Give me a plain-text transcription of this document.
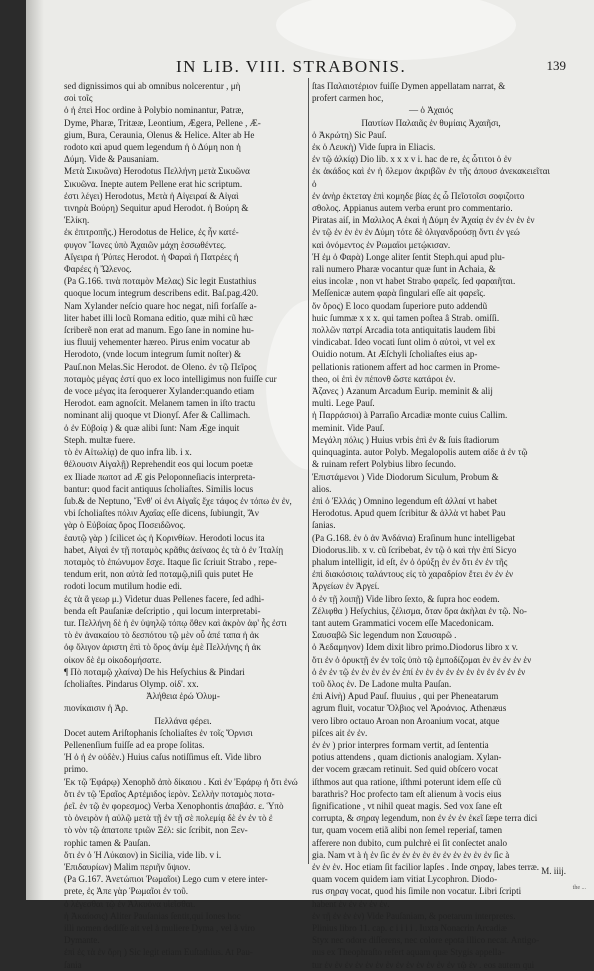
IN LIB. VIII. STRABONIS.	139

sed dignissimos qui ab omnibus nolcerentur , μὴ

σοὶ τοῖς

ὁ ἡ ἐπεὶ Hoc ordine à Polybio nominantur, Patræ,

Dyme, Pharæ, Tritææ, Leontium, Ægera, Pellene , Æ-

gium, Bura, Ceraunia, Olenus & Helice. Alter ab He

rodoto καὶ apud quem legendum ἡ ὁ Δύμη non ἡ

Δύμη. Vide & Pausaniam.

Μετὰ Σικυῶνα) Herodotus Πελλήνη μετὰ Σικυῶνα

Σικυῶνα. Inepte autem Pellene erat hic scriptum.

ἐστι λέγει) Herodotus, Μετὰ ἡ Αἰγειραί & Αἰγαὶ

τινηρὰ Βούρη) Sequitur apud Herodot. ἡ Βούρη &

Ἑλίκη.

ἐκ ἐπιτροπῆς.) Herodotus de Helice, ἐς ἧν κατέ-

φυγον Ἴωνες ὑπὸ Ἀχαιῶν μάχη ἑσσωθέντες.

Αἴγειρα ἡ Ῥύπες Herodot. ἡ Φαραὶ ἡ Πατρέες ἡ

Φαρέες ἡ Ὤλενος.

(Pa G.166. τινὰ ποταμὸν Μελας) Sic legit Eustathius

quoque locum integrum describens edit. Baſ.pag.420.

Nam Xylander neſcio quare hoc negat, niſi forſaſſe a-

liter habet illi locũ Romana editio, quæ mihi cũ hæc

ſcriberẽ non erat ad manum. Ego ſane in nomine hu-

ius fluuij vehementer hæreo. Pirus enim vocatur ab

Herodoto, (vnde locum integrum ſumit noſter) &

Pauſ.non Melas.Sic Herodot. de Oleno. ἐν τῷ Πεῖρος

ποταμὸς μέγας ἐστί quo ex loco intelligimus non fuiſſe cur

de voce μέγας ita ſeroquerer Xylander:quando etiam

Herodot. eam agnoſcit. Melanem tamen in iſto tractu

nominant alij quoque vt Dionyſ. Afer & Callimach.

ὁ ἐν Εὐβοίᾳ ) & quæ alibi ſunt: Nam Æge inquit

Steph. multæ fuere.

τὸ ἐν Αἰτωλίᾳ) de quo infra lib. i x.

θέλουσιν Αἰγαλῇ) Reprehendit eos qui locum poetæ

ex Iliade πωποτ ad Æ gis Peloponneſiacis interpreta-

bantur: quod facit antiquus ſcholiaſtes. Similis locus

ſub.& de Neptuno, Ἔνθ' οἱ ἐνι Αἰγαῖς ἔχε τάφος ἐν τόπω ἐν ἐν,

vbi ſcholiaſtes πόλιν Αχαΐας eſſe dicens, ſubiungit, Ἄν

γὰρ ὁ Εὐβοίας ὄρος Ποσειδῶνος.

ἑαυτῷ γὰρ ) ſcilicet ὡς ἡ Κορινθίων. Herodoti locus ita

habet, Αἰγαὶ ἐν τῇ ποταμὸς κρᾶθις ἀείναος ἐς τὰ ὁ ἐν Ἰταλίῃ

ποταμὸς τὸ ἐπώνυμον ἔσχε. Itaque ſic ſcriuit Strabo , repe-

tendum erit, non αὐτὰ ſed ποταμῷ,niſi quis putet He

rodoti locum mutilum hodie edi.

ἐς τὰ ἃ γεωρ μ.) Videtur duas Pellenes facere, ſed adhi-

benda eſt Pauſaniæ deſcriptio , qui locum interpretabi-

tur. Πελλήνη δὲ ἡ ἐν ὑψηλῷ τόπῳ ὅθεν καὶ ἀκρὸν ἀφ' ἧς ἐστι

τὸ ἐν ἀνακαίου τὸ δεσπότου τῷ μὲν οὗ ἀπέ ταπα ἡ ἀκ

ὁφ ὄλιγον ἀριστη ἐπὶ τὸ ὄρος ἀνίμ ἐμὲ Πελλήνης ἡ ἀκ

οἰκον δὲ ἐμ οἰκοδομήσατε.

¶ Πὸ ποταμῷ χλαίνα) De his Heſychius & Pindari

ſcholiaſtes. Pindarus Olymp. οἰδ'. xx.

Ἀλήθεια ἐρώ Ὀλυμ-

πιονίκαισιν ἡ Ἀρ.

Πελλάνα φέρει.

Docet autem Ariſtophanis ſcholiaſtes ἐν τοῖς Ὄρνισι

Pellenenſium fuiſſe ad ea prope ſolitas.

Ἡ ὁ ἡ ἐν οὐδὲν.) Huius caſus notiſſimus eſt. Vide libro

primo.

Ἐκ τῷ Ἐφάρῳ) Xenophõ ἀπὸ δίκαιου . Καὶ ἐν Ἐφάρῳ ἡ ὅτι ἐνώ

ὅτι ἐν τῷ Ἐραῖος Αρτέμιδος ἱερὸν. Σελλὴν ποταμὸς ποτα-

ῥεῖ. ἐν τῷ ἐν φορεσμος) Verba Xenophontis ἀπαβάσ. ε. Ὑπὸ

τὸ ὀνειρὸν ἡ αὐλῷ μετὰ τῇ ἐν τῇ σὲ πολεμίᾳ δὲ ἐν ἐν τὸ ἐ

τὸ νὸν τῷ ἀπατοπε τριῶν Ξέλ: sic ſcribit, non Ξεν-

rophic tamen & Pauſan.

ὅτι ἐν ὁ Ἡ Λύκαιον) in Sicilia, vide lib. v i.

Ἐπιδαυρίων) Malim περιῆν ὕψιον.

(Pa G.167. Ἀνετώπιοι Ῥωμαῖοι) Lego cum v etere inter-

prete, ἐς Ἀπε γὰρ Ῥωμαῖοι ἐν τοῦ.

ὁ λέγεσθαι τῷ ἐν Ἀλκυόνα υἱεῖσθαι.

ἡ Ἀκαίοσις) Aliter Pauſanias ſentit,qui Iones hoc

illi nomen dediſſe ait vel à muliere Dyma , vel à viro

Dymante.

ἐπὶ ἐς τὰ ἐν ὅρη ) Sic legit etiam Euſtathius. At Pau-

ſania

ſtas Παλαιοτέριον fuiſſe Dymen appellatam narrat, &

profert carmen hoc,

— ὁ Ἀχαιός

Παυτίων Παλαιᾶς ἐν θυμίαις Ἀχαιῆσι,

ὁ Ἀκρώτη) Sic Pauſ.

ἐκ ὁ Λευκὴ) Vide ſupra in Eliacis.

ἐν τῷ ἀλκίᾳ) Dio lib. x x x v i. hac de re, ἐς ὧτιτοι ὁ ἐν

ἐκ ἀκάδος καὶ ἐν ἡ ὄλεμον ἀκριβῶν ἐν τῆς ἀπουσ ἀνεκακειεῖται ὁ

ἐν ἀνὴρ ἐκτεταγ ἐπὶ κομηδε βίας ἐς ὧ Πεῖοτοῖσι σοφιζοιτο

σθολος. Appianus autem verba erunt pro commentario.

Piratas aiſ, in Μαλιλος Α ἐκαὶ ἡ Δύμη ἐν Ἀχαίᾳ ἐν ἐν ἐν ἐν ἐν

ἐν τῷ ἐν ἐν ἐν ἐν Δύμη τότε δὲ ὀλιγανδρούσῃ ὄντι ἐν γεώ

καὶ ὀνόμεντος ἐν Ρωμαϊοι μετῴκισαν.

Ἡ ἐμ ὁ Φαρὰ) Longe aliter ſentit Steph.qui apud plu-

rali numero Pharæ vocantur quæ ſunt in Achaia, &

eius incolæ , non vt habet Strabo φαρεῖς. ſed φαραιῆται.

Meſſenicæ autem φαρὰ ſingulari eſſe ait φαρεῖς.

ὄν ὄρος) E loco quodam ſuperiore puto addendũ

huic ſummæ x x x. qui tamen poſtea â Strab. omiſſi.

πολλῶν πατρί Arcadia tota antiquitatis laudem ſibi

vindicabat. Ideo vocati ſunt olim ὁ αὐτοὶ, vt vel ex

Ouidio notum. At Æſchyli ſcholiaſtes eius ap-

pellationis rationem affert ad hoc carmen in Prome-

theo, οἱ ἐπὶ ἐν πέπονθ ὥστε κατάροι ἐν.

Ἀζανες ) Azanum Arcadum Eurip. meminit & alij

multi. Lege Pauſ.

ἡ Παρράσιοι) à Parraſio Arcadiæ monte cuius Callim.

meminit. Vide Pauſ.

Μεγάλη πόλις ) Huius vrbis ἐπὶ ἐν & ſuis ſtadiorum

quinquaginta. autor Polyb. Megalopolis autem αἰδε ἀ ἐν τῷ

& ruinam refert Polybius libro ſecundo.

Ἐπιστάμενοι ) Vide Diodorum Siculum, Probum &

alios.

ἐπὶ ὁ Ἐλλάς ) Omnino legendum eſt ἀλλαί vt habet

Herodotus. Apud quem ſcribitur & ἀλλὰ vt habet Pau

ſanias.

(Pa G.168. ἐν ὁ ἀν Ἀνδάνια) Eraſinum hunc intelligebat

Diodorus.lib. x v. cũ ſcribebat, ἐν τῷ ὁ καὶ τὴν ἐπί Sicyo

phalum intelligit, id eſt, ἐν ὁ ὀρύξῃ ἐν ἐν ὅτι ἐν ἐν τῆς

ἐπὶ διακόσιοις ταλάντους εἰς τὸ χαραδρίον ἔτει ἐν ἐν ἐν

Ἀργείων ἐν Ἀργεί.

ὁ ἐν τῇ λοιπῇ) Vide libro ſexto, & ſupra hoc eodem.

Ζέλιφθα ) Heſychius, ζέλισμα, ὅταν ὄρα ἀκὴλαι ἐν τῷ. No-

tant autem Grammatici vocem eſſe Macedonicam.

Σαυσαβῶ Sic legendum non Σαυσαρῶ .

ὁ Ἀεδαμηνον) Idem dixit libro primo.Diodorus libro x v.

ὅτι ἐν ὁ ὀρυκτῇ ἐν ἐν τοῖς ὑπὸ τῷ ἐμποδίζομαι ἐν ἐν ἐν ἐν ἐν

ὁ ἐν ἐν τῷ ἐν ἐν ἐν ἐν ἐν ἐπί ἐν ἐν ἐν ἐν ἐν ἐν ἐν ἐν ἐν ἐν ἐν

τοῦ ὄλος ἐν. De Ladone multa Pauſan.

ἐπὶ Αἰνὴ) Apud Pauſ. fluuius , qui per Pheneatarum

agrum fluit, vocatur Ὄλβιος vel Ἀροάνιος. Athenæus

vero libro octauo Aroan non Aroanium vocat, atque

piſces ait ἐν ἐν.

ἐν ἐν ) prior interpres formam vertit, ad ſententia

potius attendens , quam dictionis analogiam. Xylan-

der vocem græcam retinuit. Sed quid obſcero vocat

iſthmos aut qua ratione, iſthmi poterunt idem eſſe cũ

barathris? Hoc profecto tam eſt alienum à vocis eius

ſignificatione , vt nihil queat magis. Sed vox ſane eſt

corrupta, & σηραγ legendum, non ἐν ἐν ἐν ἐκεῖ ſæpe terra dici

tur, quam vocem etiã alibi non ſemel reperiaſ, tamen

afferere non dubito, cum pulchrè ei ſit conſectet analo

gia. Nam vt à ἡ ἐν ſic ἐν ἐν ἐν ἐν ἐν ἐν ἐν ἐν ἐν ἐν ſic à

ἐν ἐν ἐν. Hoc etiam ſit facilior lapſes . Inde σηραγ, labes terræ.

quam vocem quidem iam vitiat Lycophron. Diodo-

rus σηραγ vocat, quod his ſimile non vocatur. Libri ſcripti

habent ἐν ἐν ἐν ἐν ἐν.

ἐν τῇ ἐν ἐν ἐν) Vide Pauſaniam, & poetarum interpretes.

Plinius libro 11. cap. c i i i i . Iuxta Nonacrin Arcadiæ

Styx nec odore diſſerens, nec colore epota illico necat. Antigo-

nus ex Theophraſto refert aquam quæ Stygis appella-

tur ἐν ἐν ἐν ἐν ἐν ἐν ἐν ἐν ἐν ἐν ἐν ἐν ἐν τῷ ἐν . eos autem qui

M. iiij.
the ...
